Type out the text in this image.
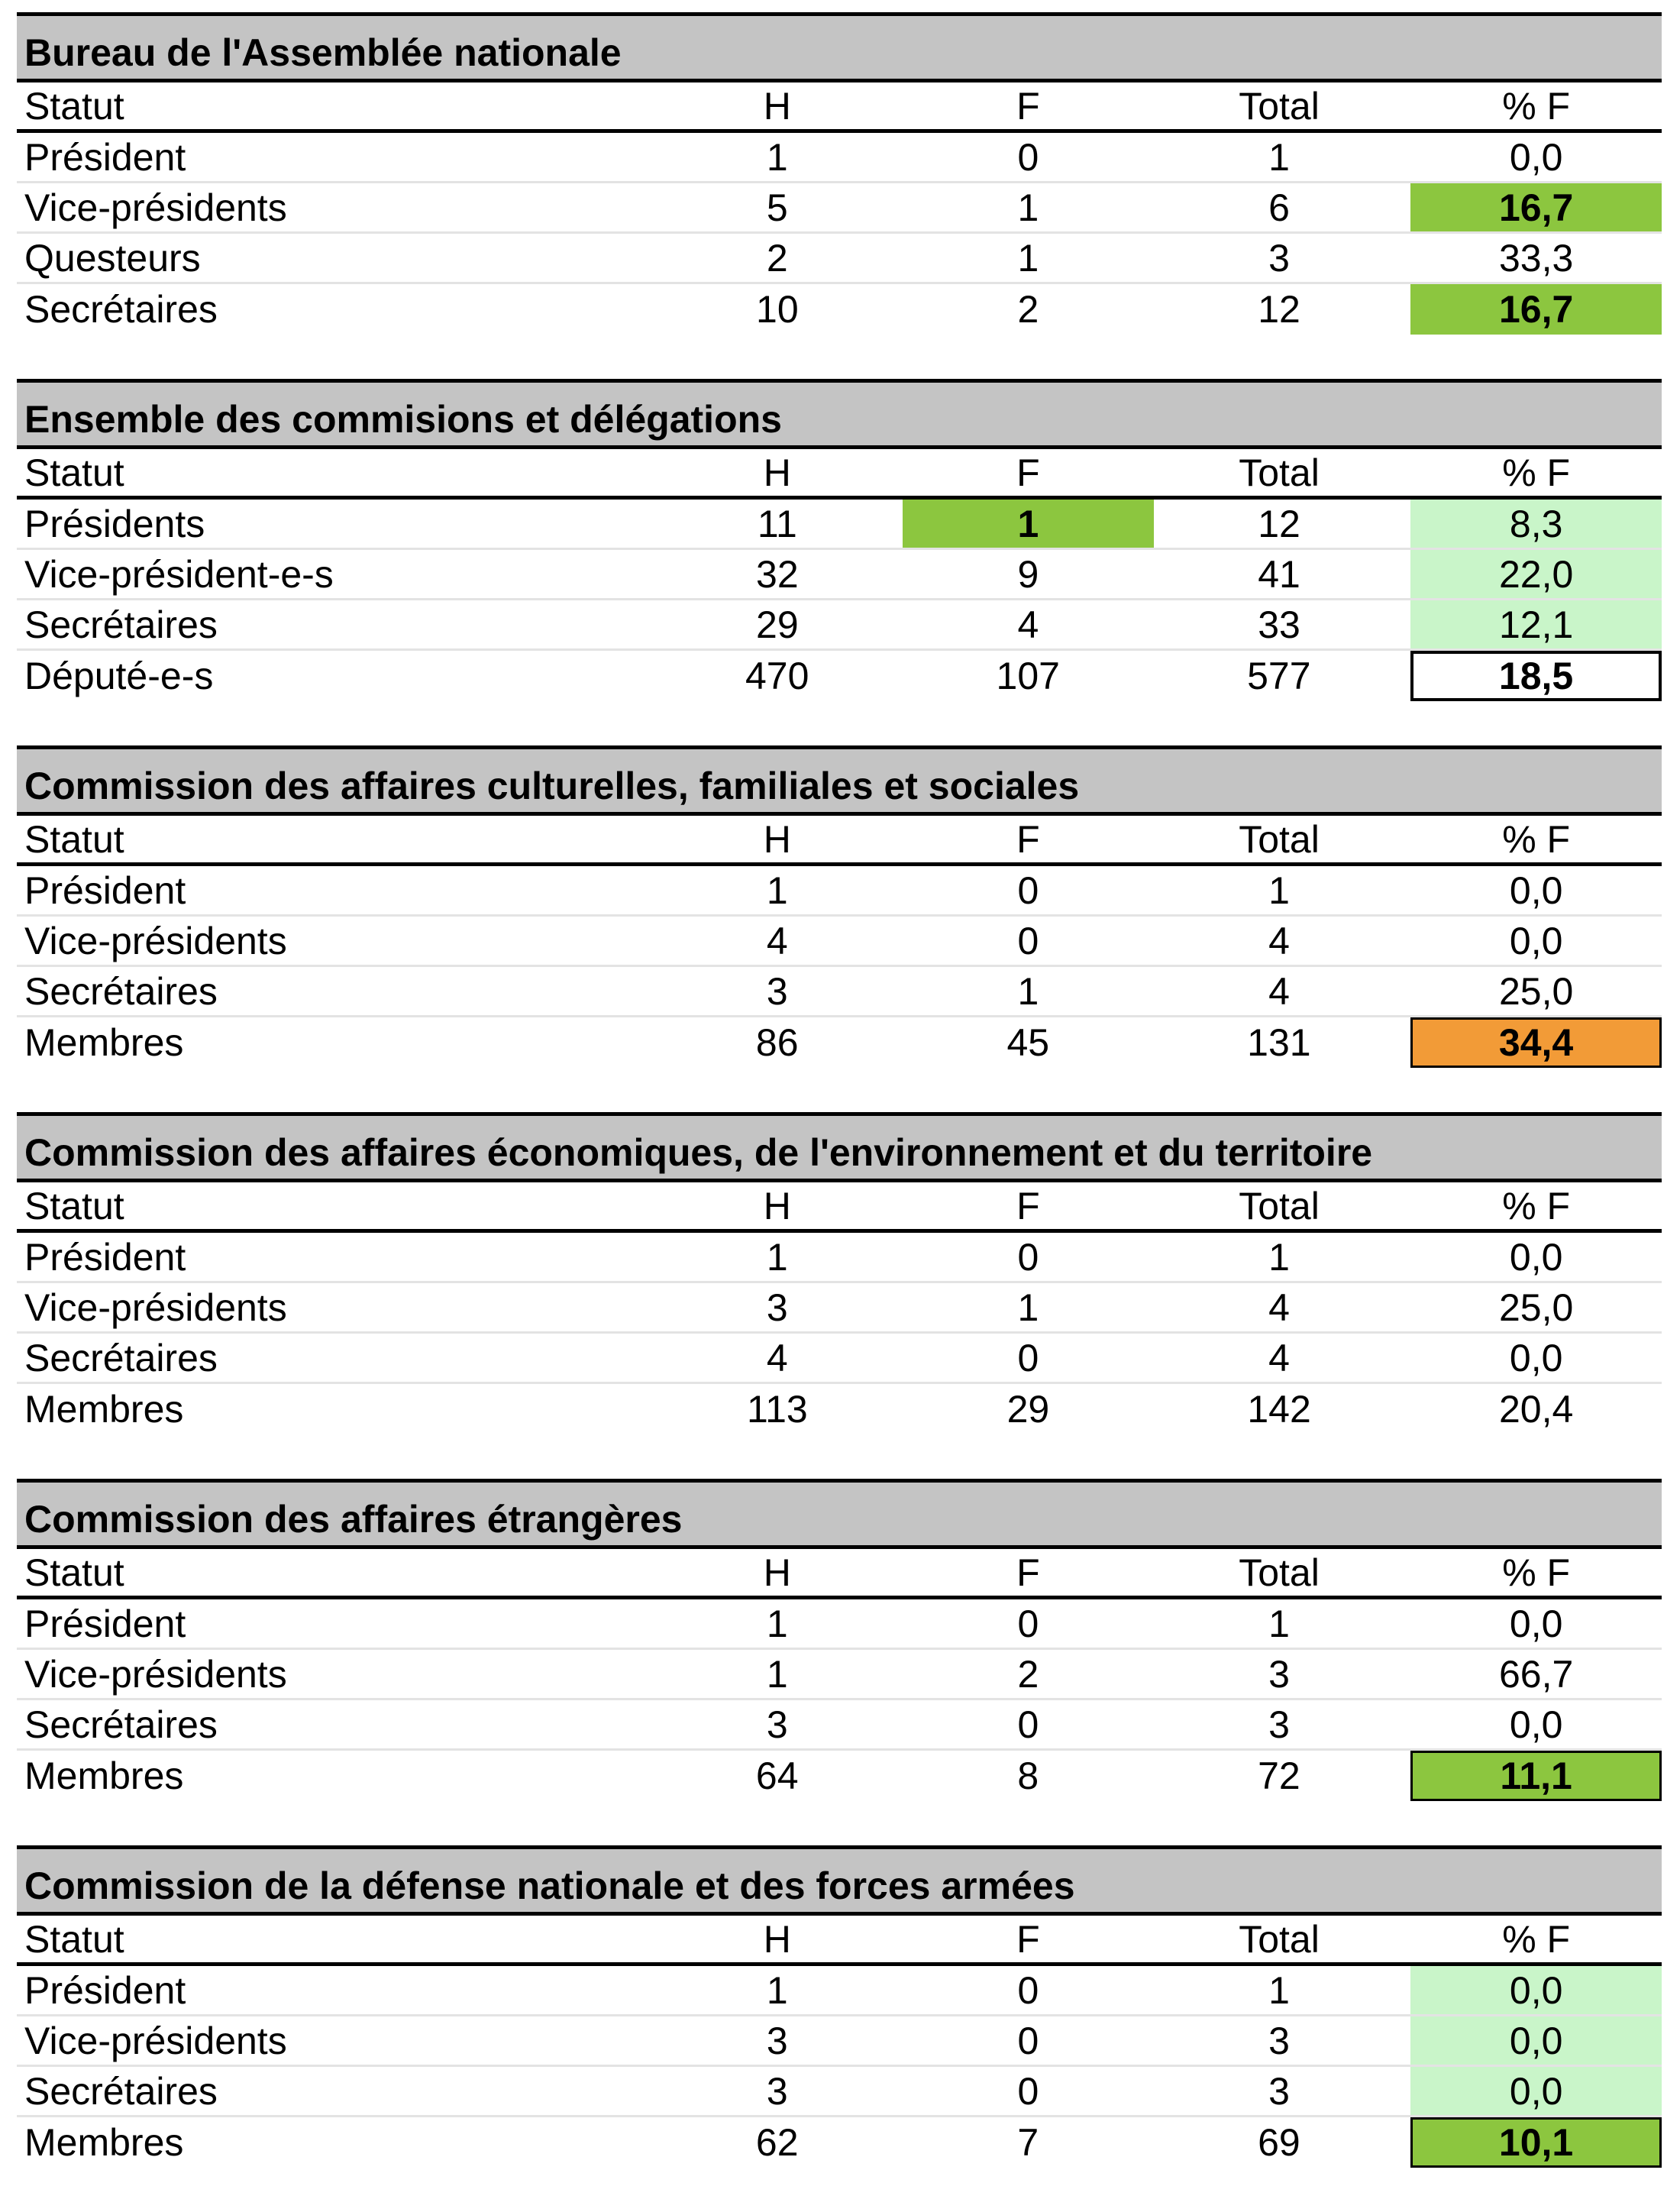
Bureau de l'Assemblée nationale
Statut	H	F	Total	% F
Président	1	0	1	0,0
Vice-présidents	5	1	6	16,7
Questeurs	2	1	3	33,3
Secrétaires	10	2	12	16,7
Ensemble des commisions et délégations
Statut	H	F	Total	% F
Présidents	11	1	12	8,3
Vice-président-e-s	32	9	41	22,0
Secrétaires	29	4	33	12,1
Député-e-s	470	107	577	18,5
Commission des affaires culturelles, familiales et sociales
Statut	H	F	Total	% F
Président	1	0	1	0,0
Vice-présidents	4	0	4	0,0
Secrétaires	3	1	4	25,0
Membres	86	45	131	34,4
Commission des affaires économiques, de l'environnement et du territoire
Statut	H	F	Total	% F
Président	1	0	1	0,0
Vice-présidents	3	1	4	25,0
Secrétaires	4	0	4	0,0
Membres	113	29	142	20,4
Commission des affaires étrangères
Statut	H	F	Total	% F
Président	1	0	1	0,0
Vice-présidents	1	2	3	66,7
Secrétaires	3	0	3	0,0
Membres	64	8	72	11,1
Commission de la défense nationale et des forces armées
Statut	H	F	Total	% F
Président	1	0	1	0,0
Vice-présidents	3	0	3	0,0
Secrétaires	3	0	3	0,0
Membres	62	7	69	10,1
